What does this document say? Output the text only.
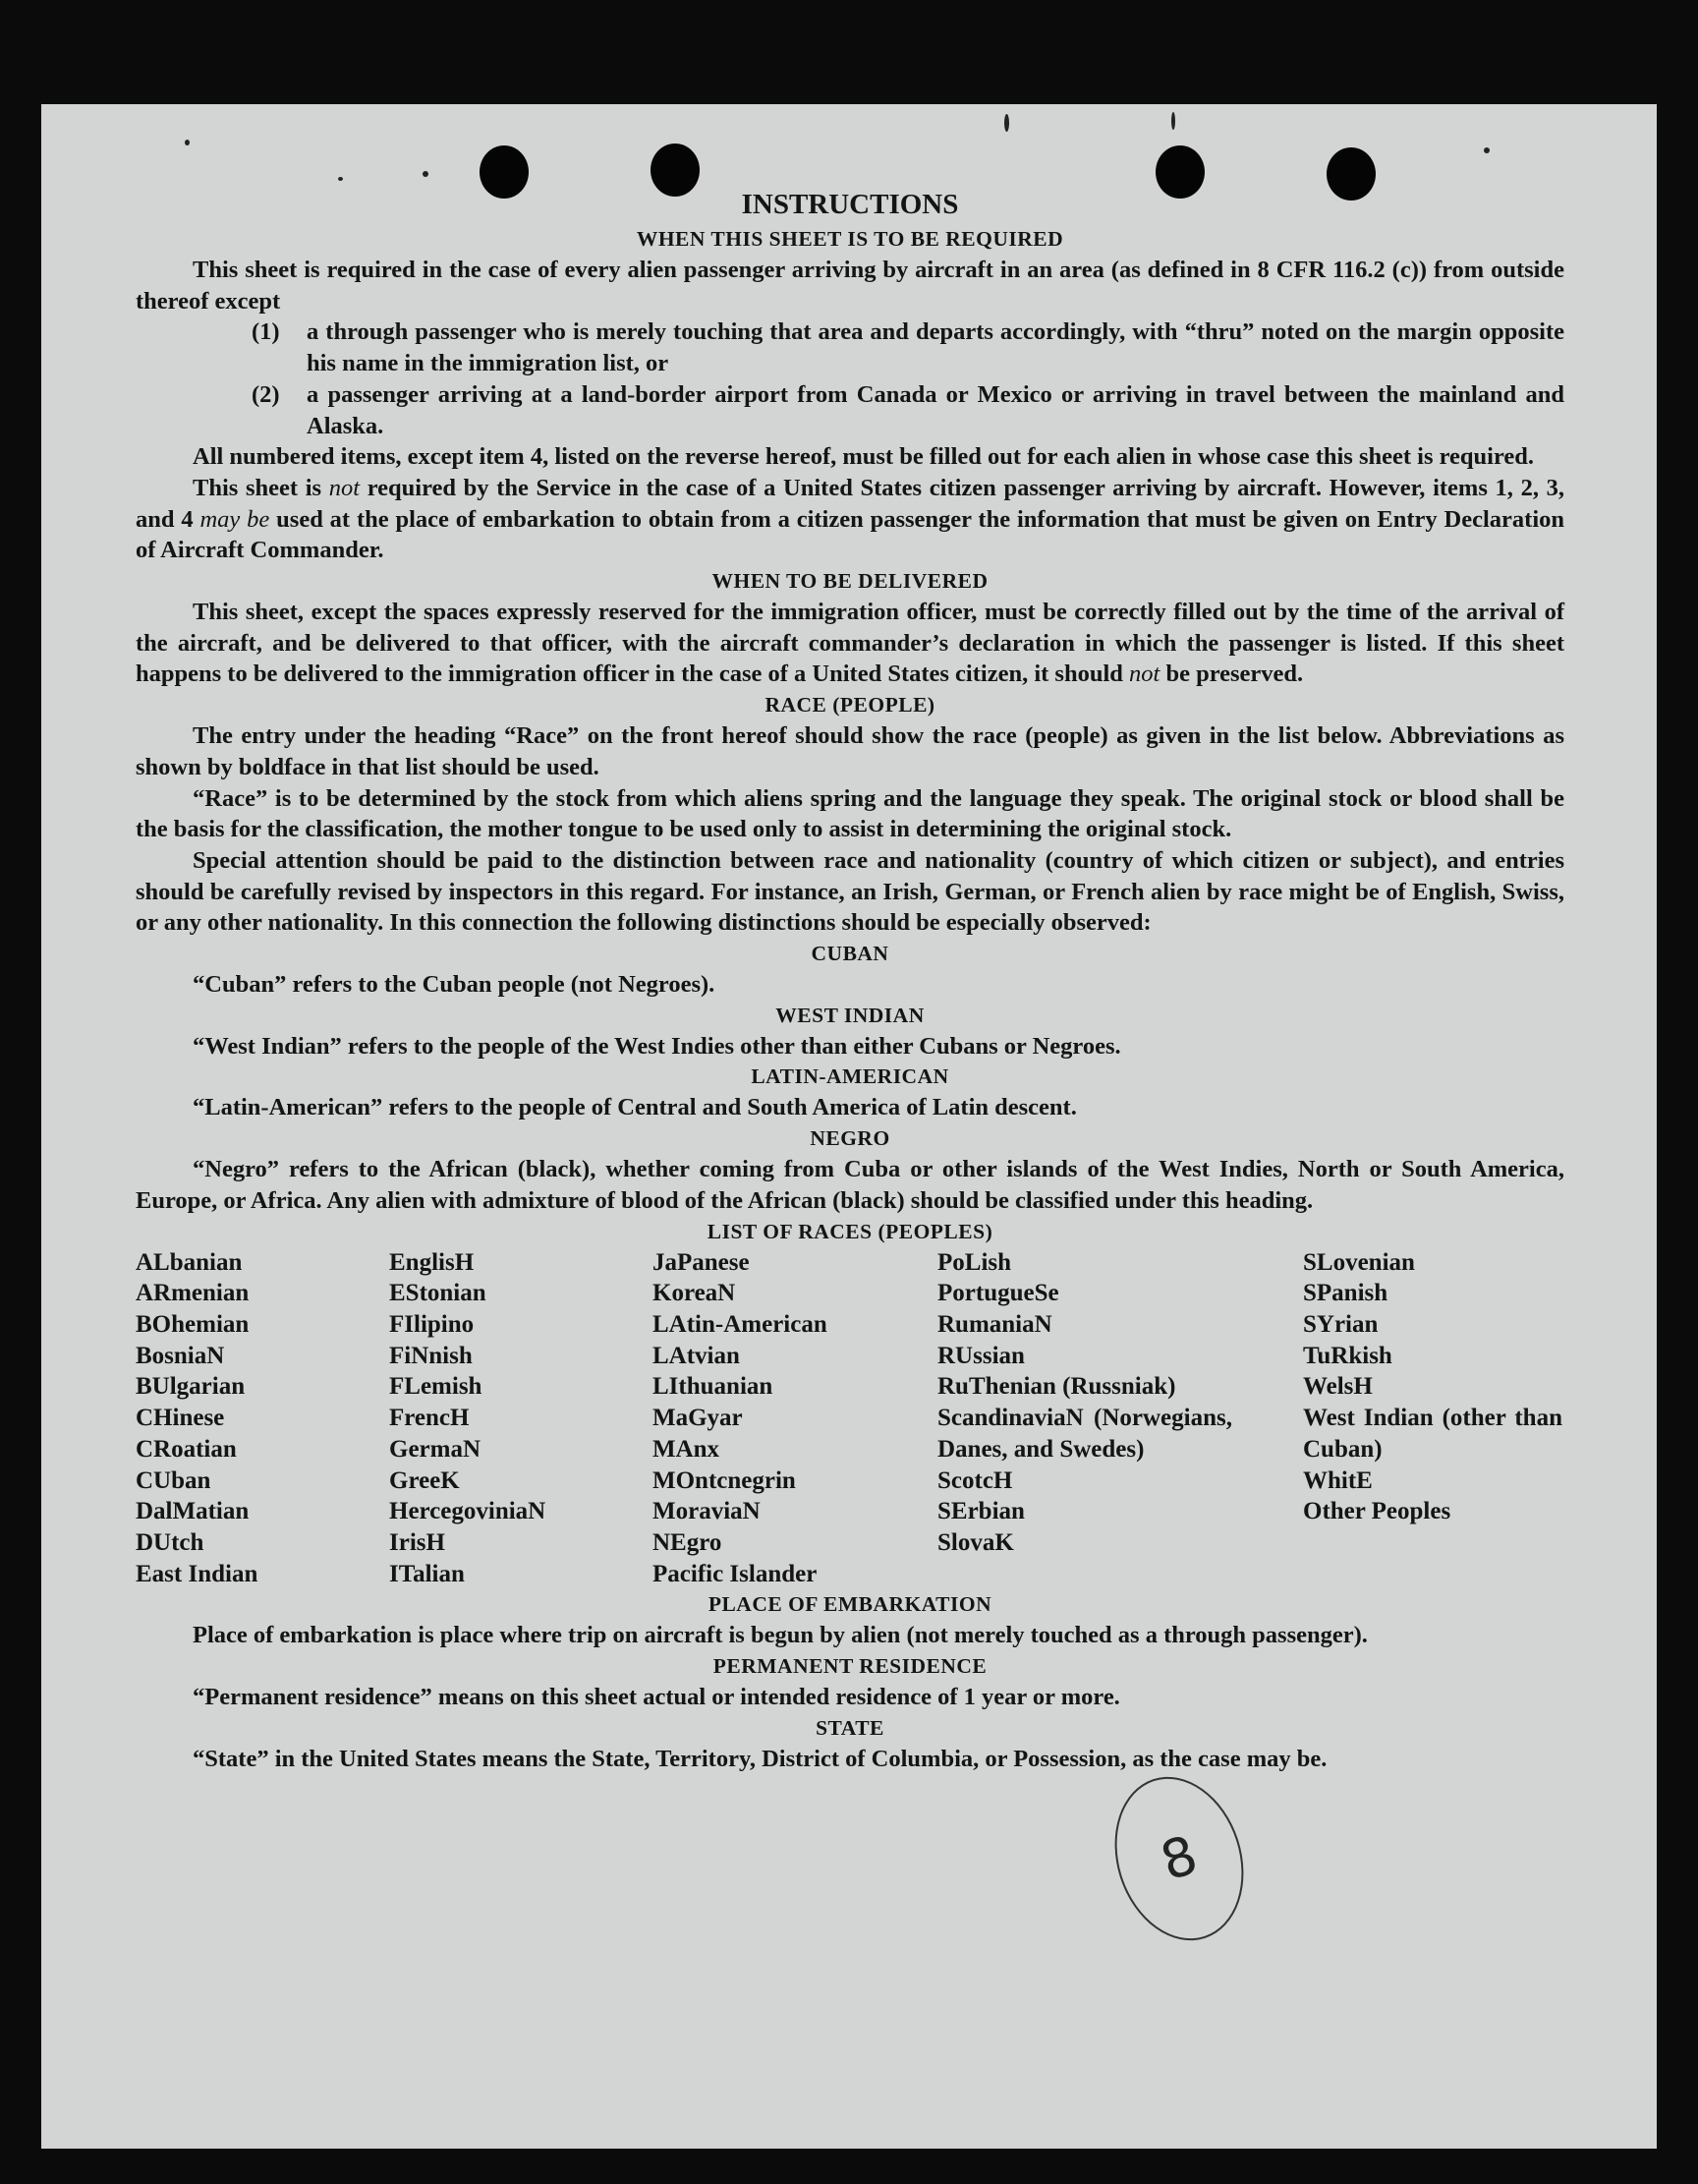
8
INSTRUCTIONS
WHEN THIS SHEET IS TO BE REQUIRED

This sheet is required in the case of every alien passenger arriving by aircraft in an area (as defined in 8 CFR 116.2 (c)) from outside thereof except

(1)	a through passenger who is merely touching that area and departs accordingly, with “thru” noted on the margin opposite his name in the immigration list, or
(2)	a passenger arriving at a land-border airport from Canada or Mexico or arriving in travel between the mainland and Alaska.

All numbered items, except item 4, listed on the reverse hereof, must be filled out for each alien in whose case this sheet is required.

This sheet is not required by the Service in the case of a United States citizen passenger arriving by aircraft. However, items 1, 2, 3, and 4 may be used at the place of embarkation to obtain from a citizen passenger the information that must be given on Entry Declaration of Aircraft Commander.

WHEN TO BE DELIVERED

This sheet, except the spaces expressly reserved for the immigration officer, must be correctly filled out by the time of the arrival of the aircraft, and be delivered to that officer, with the aircraft commander’s declaration in which the passenger is listed. If this sheet happens to be delivered to the immigration officer in the case of a United States citizen, it should not be preserved.

RACE (PEOPLE)

The entry under the heading “Race” on the front hereof should show the race (people) as given in the list below. Abbreviations as shown by boldface in that list should be used.

“Race” is to be determined by the stock from which aliens spring and the language they speak. The original stock or blood shall be the basis for the classification, the mother tongue to be used only to assist in determining the original stock.

Special attention should be paid to the distinction between race and nationality (country of which citizen or subject), and entries should be carefully revised by inspectors in this regard. For instance, an Irish, German, or French alien by race might be of English, Swiss, or any other nationality. In this connection the following distinctions should be especially observed:

CUBAN

“Cuban” refers to the Cuban people (not Negroes).

WEST INDIAN

“West Indian” refers to the people of the West Indies other than either Cubans or Negroes.

LATIN-AMERICAN

“Latin-American” refers to the people of Central and South America of Latin descent.

NEGRO

“Negro” refers to the African (black), whether coming from Cuba or other islands of the West Indies, North or South America, Europe, or Africa. Any alien with admixture of blood of the African (black) should be classified under this heading.

LIST OF RACES (PEOPLES)
ALbanian
ARmenian
BOhemian
BosniaN
BUlgarian
CHinese
CRoatian
CUban
DalMatian
DUtch
East Indian
EnglisH
EStonian
FIlipino
FiNnish
FLemish
FrencH
GermaN
GreeK
HercegoviniaN
IrisH
ITalian
JaPanese
KoreaN
LAtin-American
LAtvian
LIthuanian
MaGyar
MAnx
MOntcnegrin
MoraviaN
NEgro
Pacific Islander
PoLish
PortugueSe
RumaniaN
RUssian
RuThenian (Russniak)
ScandinaviaN (Norwegians, Danes, and Swedes)
ScotcH
SErbian
SlovaK
SLovenian
SPanish
SYrian
TuRkish
WelsH
West Indian (other than Cuban)
WhitE
Other Peoples
PLACE OF EMBARKATION

Place of embarkation is place where trip on aircraft is begun by alien (not merely touched as a through passenger).

PERMANENT RESIDENCE

“Permanent residence” means on this sheet actual or intended residence of 1 year or more.

STATE

“State” in the United States means the State, Territory, District of Columbia, or Possession, as the case may be.
